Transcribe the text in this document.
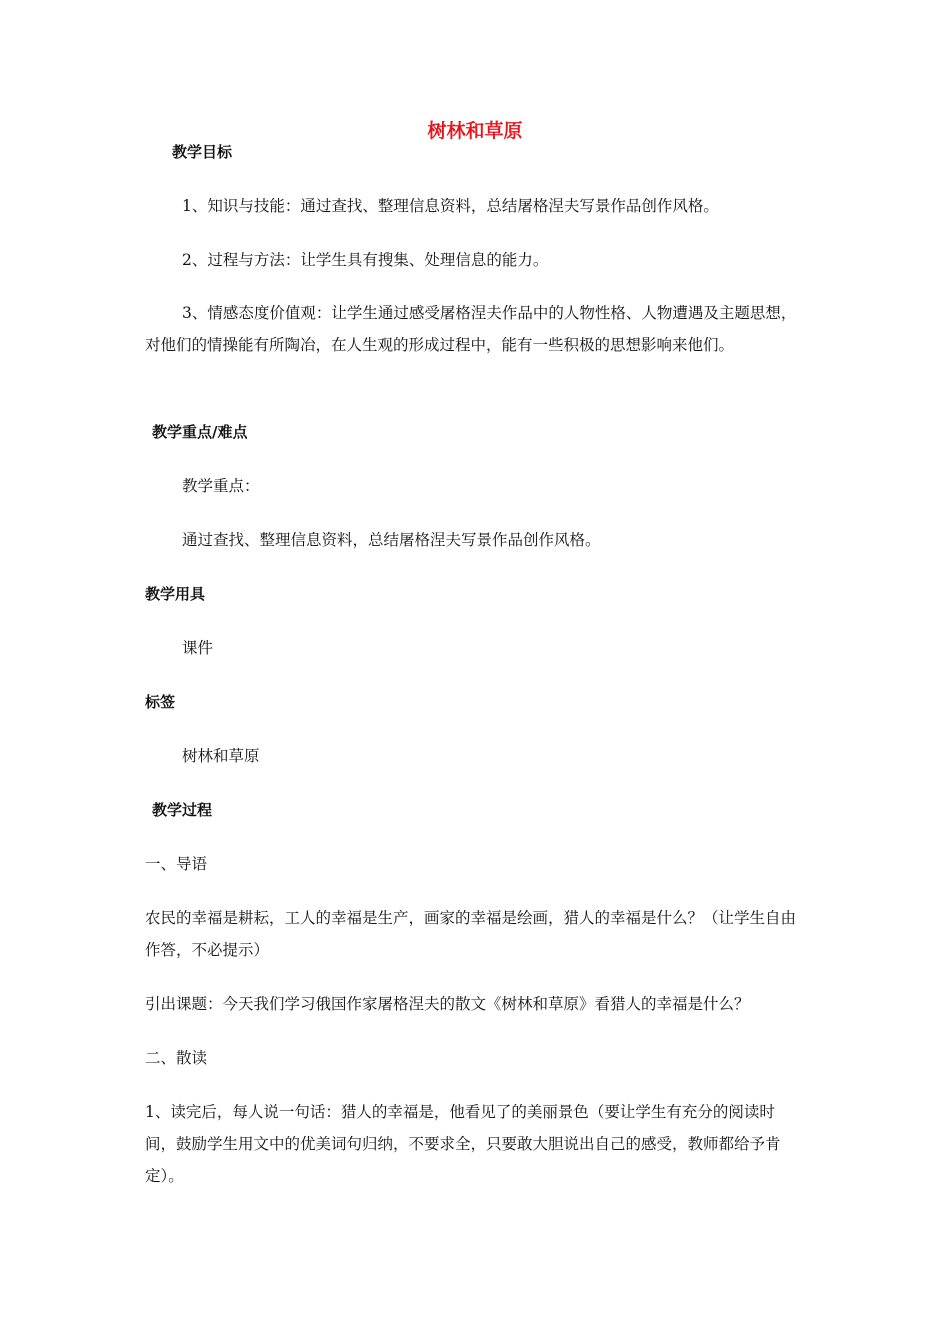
树林和草原
教学目标
1、知识与技能：通过查找、整理信息资料，总结屠格涅夫写景作品创作风格。
2、过程与方法：让学生具有搜集、处理信息的能力。
3、情感态度价值观：让学生通过感受屠格涅夫作品中的人物性格、人物遭遇及主题思想，对他们的情操能有所陶冶，在人生观的形成过程中，能有一些积极的思想影响来他们。
教学重点/难点
教学重点：
通过查找、整理信息资料，总结屠格涅夫写景作品创作风格。
教学用具
课件
标签
树林和草原
教学过程
一、导语
农民的幸福是耕耘，工人的幸福是生产，画家的幸福是绘画，猎人的幸福是什么？（让学生自由作答，不必提示）
引出课题：今天我们学习俄国作家屠格涅夫的散文《树林和草原》看猎人的幸福是什么？
二、散读
1、读完后，每人说一句话：猎人的幸福是，他看见了的美丽景色（要让学生有充分的阅读时间，鼓励学生用文中的优美词句归纳，不要求全，只要敢大胆说出自己的感受，教师都给予肯定）。
